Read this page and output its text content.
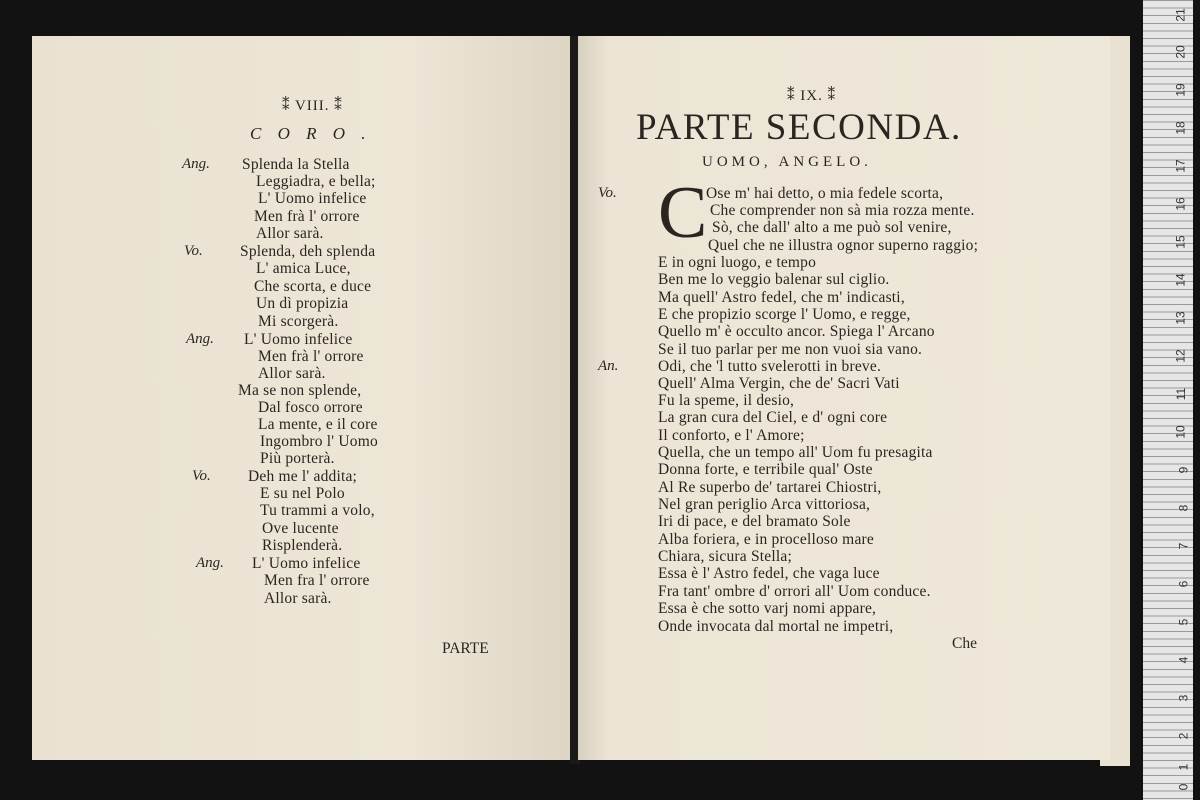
⁑ VIII. ⁑
C O R O .
Ang.
Vo.
Ang.
Vo.
Ang.
Splenda la Stella
Leggiadra, e bella;
L' Uomo infelice
Men frà l' orrore
Allor sarà.
Splenda, deh splenda
L' amica Luce,
Che scorta, e duce
Un dì propizia
Mi scorgerà.
L' Uomo infelice
Men frà l' orrore
Allor sarà.
Ma se non splende,
Dal fosco orrore
La mente, e il core
Ingombro l' Uomo
Più porterà.
Deh me l' addita;
E su nel Polo
Tu trammi a volo,
Ove lucente
Risplenderà.
L' Uomo infelice
Men fra l' orrore
Allor sarà.
PARTE
⁑ IX. ⁑
PARTE SECONDA.
UOMO, ANGELO.
Vo.
An.
C
Ose m' hai detto, o mia fedele scorta,
Che comprender non sà mia rozza mente.
Sò, che dall' alto a me può sol venire,
Quel che ne illustra ognor superno raggio;
E in ogni luogo, e tempo
Ben me lo veggio balenar sul ciglio.
Ma quell' Astro fedel, che m' indicasti,
E che propizio scorge l' Uomo, e regge,
Quello m' è occulto ancor. Spiega l' Arcano
Se il tuo parlar per me non vuoi sia vano.
Odi, che 'l tutto svelerotti in breve.
Quell' Alma Vergin, che de' Sacri Vati
Fu la speme, il desio,
La gran cura del Ciel, e d' ogni core
Il conforto, e l' Amore;
Quella, che un tempo all' Uom fu presagita
Donna forte, e terribile qual' Oste
Al Re superbo de' tartarei Chiostri,
Nel gran periglio Arca vittoriosa,
Iri di pace, e del bramato Sole
Alba foriera, e in procelloso mare
Chiara, sicura Stella;
Essa è l' Astro fedel, che vaga luce
Fra tant' ombre d' orrori all' Uom conduce.
Essa è che sotto varj nomi appare,
Onde invocata dal mortal ne impetri,
Che
21
20
19
18
17
16
15
14
13
12
11
10
9
8
7
6
5
4
3
2
1
0
